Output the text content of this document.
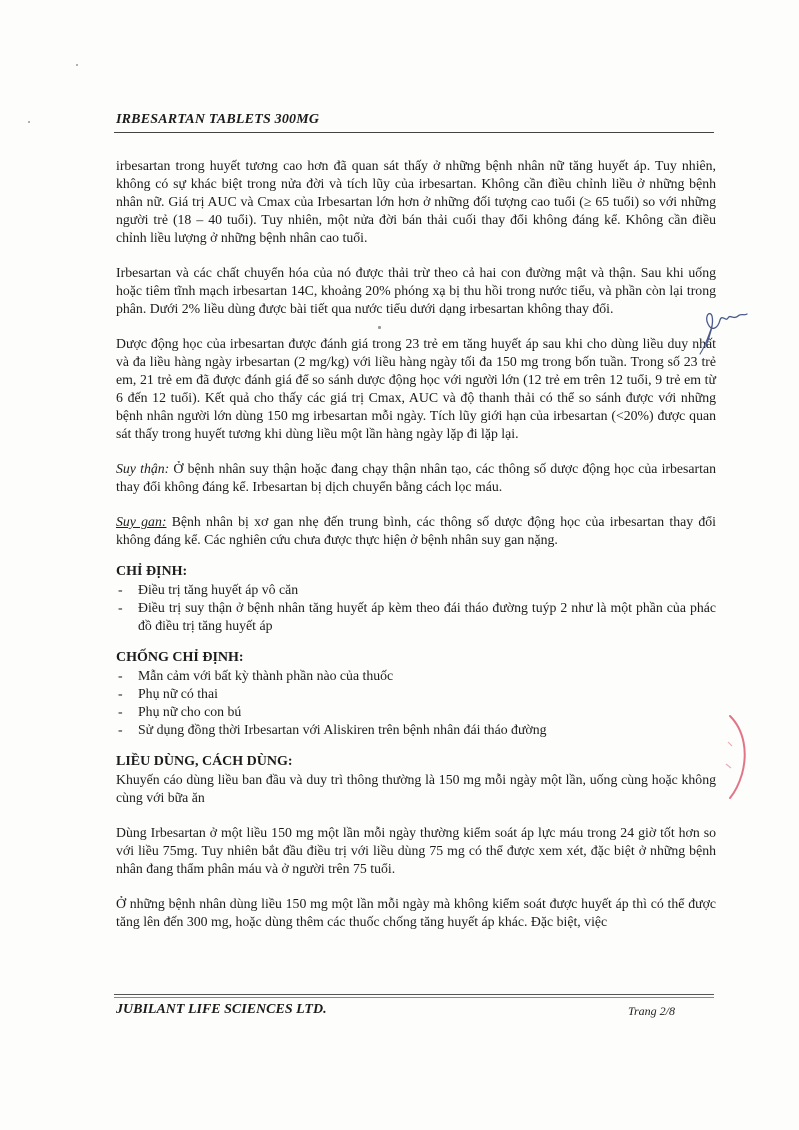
IRBESARTAN TABLETS 300MG

irbesartan trong huyết tương cao hơn đã quan sát thấy ở những bệnh nhân nữ tăng huyết áp. Tuy nhiên, không có sự khác biệt trong nửa đời và tích lũy của irbesartan. Không cần điều chỉnh liều ở những bệnh nhân nữ. Giá trị AUC và Cmax của Irbesartan lớn hơn ở những đối tượng cao tuổi (≥ 65 tuổi) so với những người trẻ (18 – 40 tuổi). Tuy nhiên, một nửa đời bán thải cuối thay đổi không đáng kể. Không cần điều chỉnh liều lượng ở những bệnh nhân cao tuổi.

Irbesartan và các chất chuyển hóa của nó được thải trừ theo cả hai con đường mật và thận. Sau khi uống hoặc tiêm tĩnh mạch irbesartan 14C, khoảng 20% phóng xạ bị thu hồi trong nước tiểu, và phần còn lại trong phân. Dưới 2% liều dùng được bài tiết qua nước tiểu dưới dạng irbesartan không thay đổi.

Dược động học của irbesartan được đánh giá trong 23 trẻ em tăng huyết áp sau khi cho dùng liều duy nhất và đa liều hàng ngày irbesartan (2 mg/kg) với liều hàng ngày tối đa 150 mg trong bốn tuần. Trong số 23 trẻ em, 21 trẻ em đã được đánh giá để so sánh dược động học với người lớn (12 trẻ em trên 12 tuổi, 9 trẻ em từ 6 đến 12 tuổi). Kết quả cho thấy các giá trị Cmax, AUC và độ thanh thải có thể so sánh được với những bệnh nhân người lớn dùng 150 mg irbesartan mỗi ngày. Tích lũy giới hạn của irbesartan (<20%) được quan sát thấy trong huyết tương khi dùng liều một lần hàng ngày lặp đi lặp lại.

Suy thận: Ở bệnh nhân suy thận hoặc đang chạy thận nhân tạo, các thông số dược động học của irbesartan thay đổi không đáng kể. Irbesartan bị dịch chuyển bằng cách lọc máu.

Suy gan: Bệnh nhân bị xơ gan nhẹ đến trung bình, các thông số dược động học của irbesartan thay đổi không đáng kể. Các nghiên cứu chưa được thực hiện ở bệnh nhân suy gan nặng.

CHỈ ĐỊNH:
- Điều trị tăng huyết áp vô căn
- Điều trị suy thận ở bệnh nhân tăng huyết áp kèm theo đái tháo đường tuýp 2 như là một phần của phác đồ điều trị tăng huyết áp
CHỐNG CHỈ ĐỊNH:
- Mẫn cảm với bất kỳ thành phần nào của thuốc
- Phụ nữ có thai
- Phụ nữ cho con bú
- Sử dụng đồng thời Irbesartan với Aliskiren trên bệnh nhân đái tháo đường
LIỀU DÙNG, CÁCH DÙNG:

Khuyến cáo dùng liều ban đầu và duy trì thông thường là 150 mg mỗi ngày một lần, uống cùng hoặc không cùng với bữa ăn

Dùng Irbesartan ở một liều 150 mg một lần mỗi ngày thường kiểm soát áp lực máu trong 24 giờ tốt hơn so với liều 75mg. Tuy nhiên bắt đầu điều trị với liều dùng 75 mg có thể được xem xét, đặc biệt ở những bệnh nhân đang thẩm phân máu và ở người trên 75 tuổi.

Ở những bệnh nhân dùng liều 150 mg một lần mỗi ngày mà không kiểm soát được huyết áp thì có thể được tăng lên đến 300 mg, hoặc dùng thêm các thuốc chống tăng huyết áp khác. Đặc biệt, việc

JUBILANT LIFE SCIENCES LTD.	Trang 2/8
